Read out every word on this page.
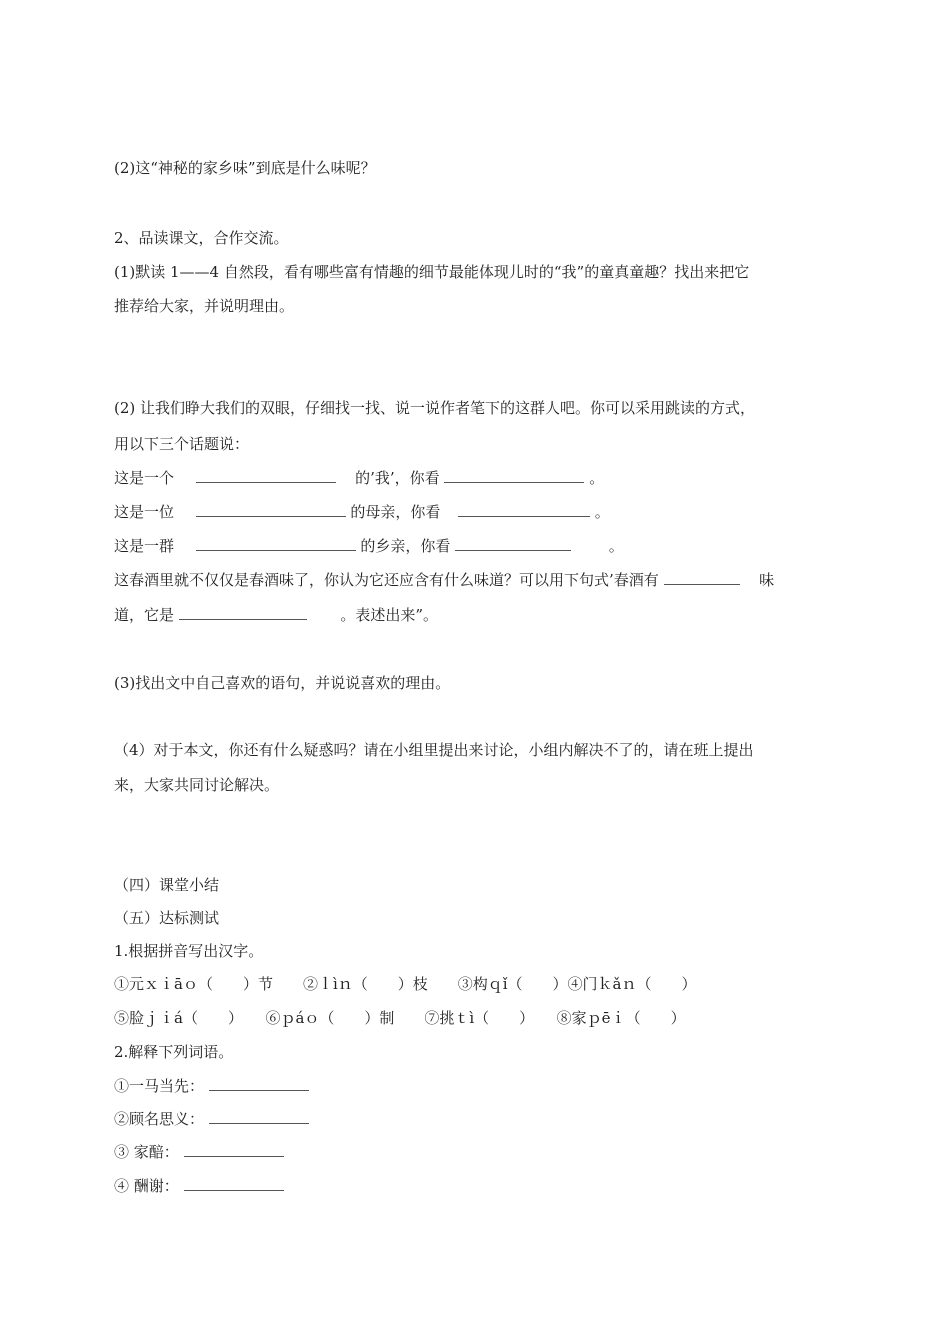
(2)这“神秘的家乡味”到底是什么味呢？
2、品读课文，合作交流。
(1)默读 1——4 自然段，看有哪些富有情趣的细节最能体现儿时的“我”的童真童趣？找出来把它
推荐给大家，并说明理由。
(2) 让我们睁大我们的双眼，仔细找一找、说一说作者笔下的这群人吧。你可以采用跳读的方式，
用以下三个话题说：
这是一个	的’我’，你看	。
这是一位	的母亲，你看	。
这是一群	的乡亲，你看	。
这春酒里就不仅仅是春酒味了，你认为它还应含有什么味道？可以用下句式’春酒有	味
道，它是	。表述出来”。
(3)找出文中自己喜欢的语句，并说说喜欢的理由。
（4）对于本文，你还有什么疑惑吗？请在小组里提出来讨论，小组内解决不了的，请在班上提出
来，大家共同讨论解决。
（四）课堂小结
（五）达标测试
1.根据拼音写出汉字。
①元ｘｉāｏ（　　）节　　②ｌìｎ（　　）枝　　③构ｑǐ（　　）④门ｋǎｎ（　　）
⑤脸ｊｉá（　　）　　⑥ｐáｏ（　　）制　　⑦挑ｔì（　　）　　⑧家ｐēｉ（　　）
2.解释下列词语。
①一马当先：
②顾名思义：
③ 家醅：
④ 酬谢：
